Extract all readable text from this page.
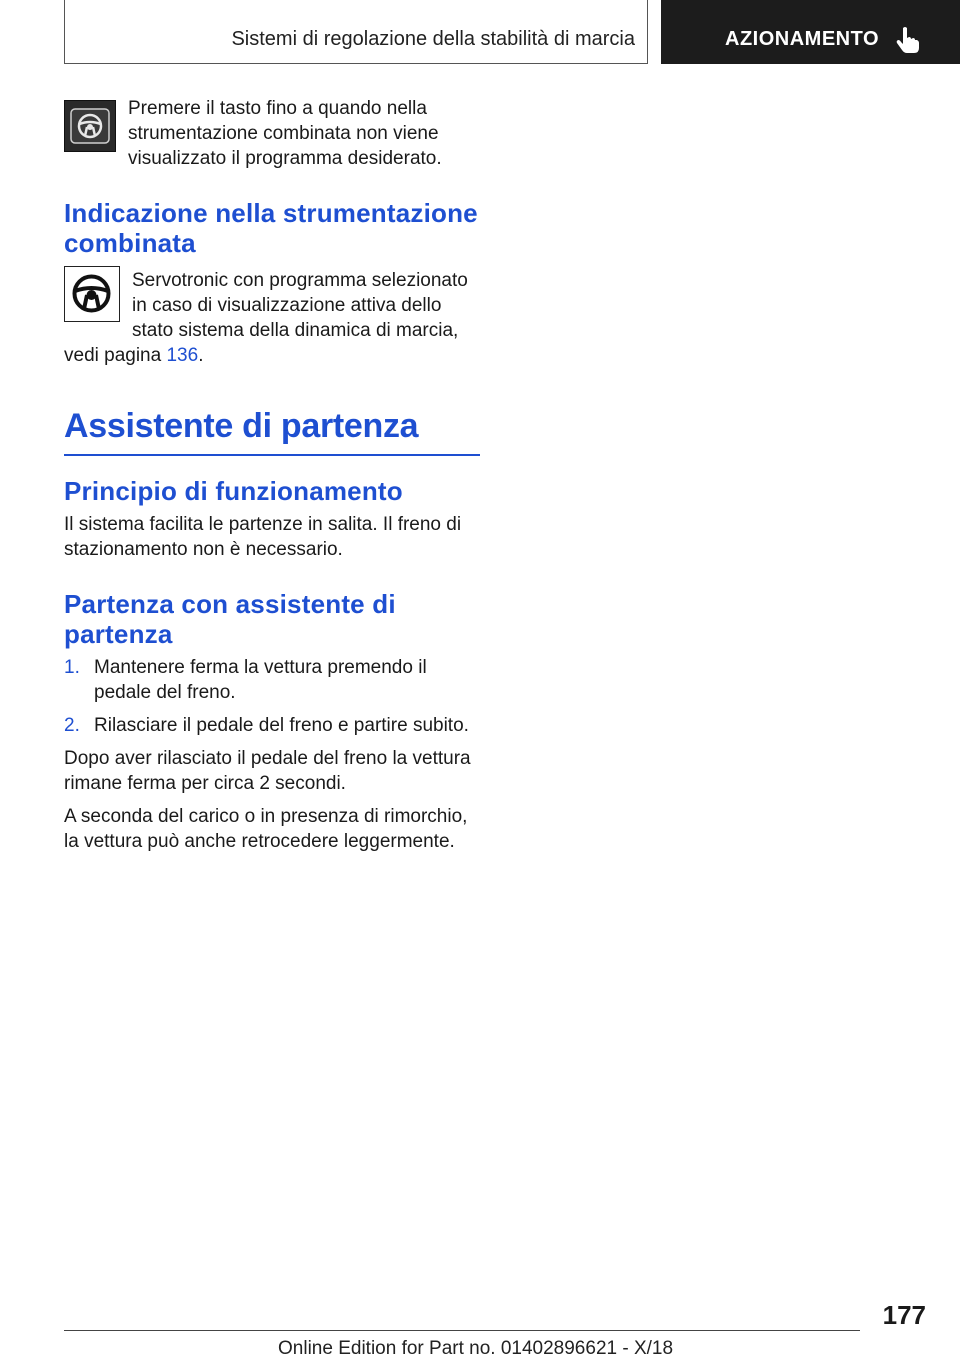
Sistemi di regolazione della stabilità di marcia	AZIONAMENTO

Premere il tasto fino a quando nella strumentazione combinata non viene visualizzato il programma desiderato.

Indicazione nella strumentazione combinata

Servotronic con programma selezionato in caso di visualizzazione attiva dello stato sistema della dinamica di marcia, vedi pagina 136.

Assistente di partenza
Principio di funzionamento

Il sistema facilita le partenze in salita. Il freno di stazionamento non è necessario.

Partenza con assistente di partenza
1. Mantenere ferma la vettura premendo il pedale del freno.
2. Rilasciare il pedale del freno e partire subito.

Dopo aver rilasciato il pedale del freno la vettura rimane ferma per circa 2 secondi.

A seconda del carico o in presenza di rimorchio, la vettura può anche retrocedere leggermente.

177
Online Edition for Part no. 01402896621 - X/18
